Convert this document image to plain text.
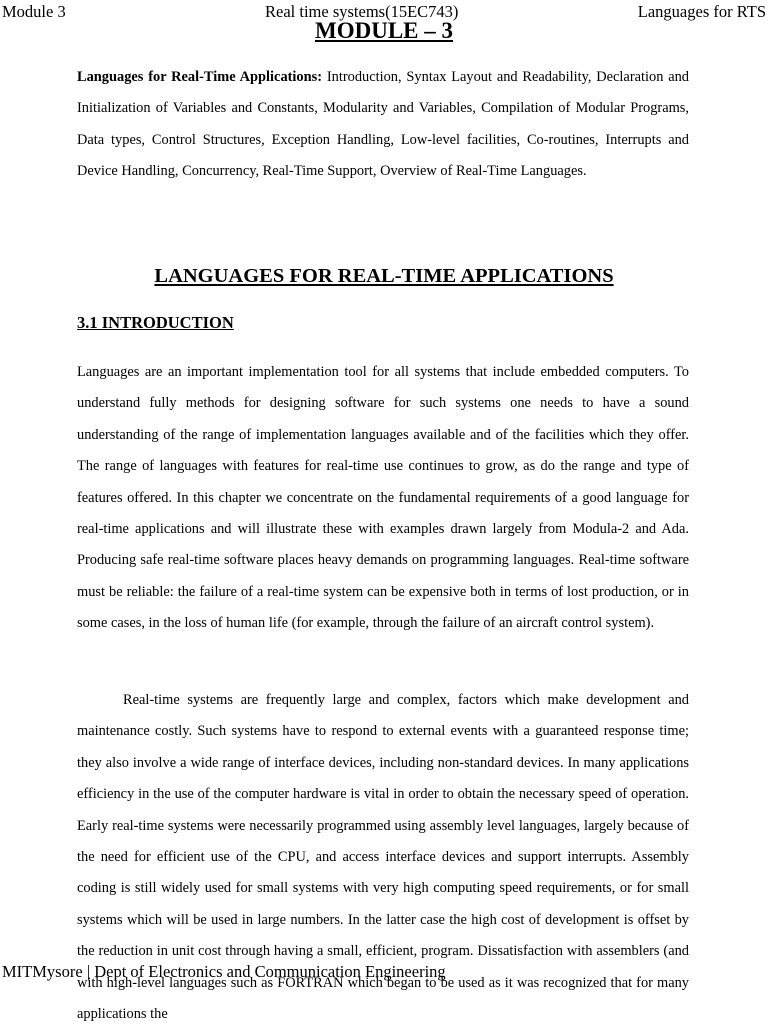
Module 3	Real time systems(15EC743)	Languages for RTS
MODULE – 3

Languages for Real-Time Applications: Introduction, Syntax Layout and Readability, Declaration and Initialization of Variables and Constants, Modularity and Variables, Compilation of Modular Programs, Data types, Control Structures, Exception Handling, Low-level facilities, Co-routines, Interrupts and Device Handling, Concurrency, Real-Time Support, Overview of Real-Time Languages.

LANGUAGES FOR REAL-TIME APPLICATIONS
3.1 INTRODUCTION

Languages are an important implementation tool for all systems that include embedded computers. To understand fully methods for designing software for such systems one needs to have a sound understanding of the range of implementation languages available and of the facilities which they offer. The range of languages with features for real-time use continues to grow, as do the range and type of features offered. In this chapter we concentrate on the fundamental requirements of a good language for real-time applications and will illustrate these with examples drawn largely from Modula-2 and Ada. Producing safe real-time software places heavy demands on programming languages. Real-time software must be reliable: the failure of a real-time system can be expensive both in terms of lost production, or in some cases, in the loss of human life (for example, through the failure of an aircraft control system).

Real-time systems are frequently large and complex, factors which make development and maintenance costly. Such systems have to respond to external events with a guaranteed response time; they also involve a wide range of interface devices, including non-standard devices. In many applications efficiency in the use of the computer hardware is vital in order to obtain the necessary speed of operation. Early real-time systems were necessarily programmed using assembly level languages, largely because of the need for efficient use of the CPU, and access interface devices and support interrupts. Assembly coding is still widely used for small systems with very high computing speed requirements, or for small systems which will be used in large numbers. In the latter case the high cost of development is offset by the reduction in unit cost through having a small, efficient, program. Dissatisfaction with assemblers (and with high-level languages such as FORTRAN which began to be used as it was recognized that for many applications the

MITMysore | Dept of Electronics and Communication Engineering
